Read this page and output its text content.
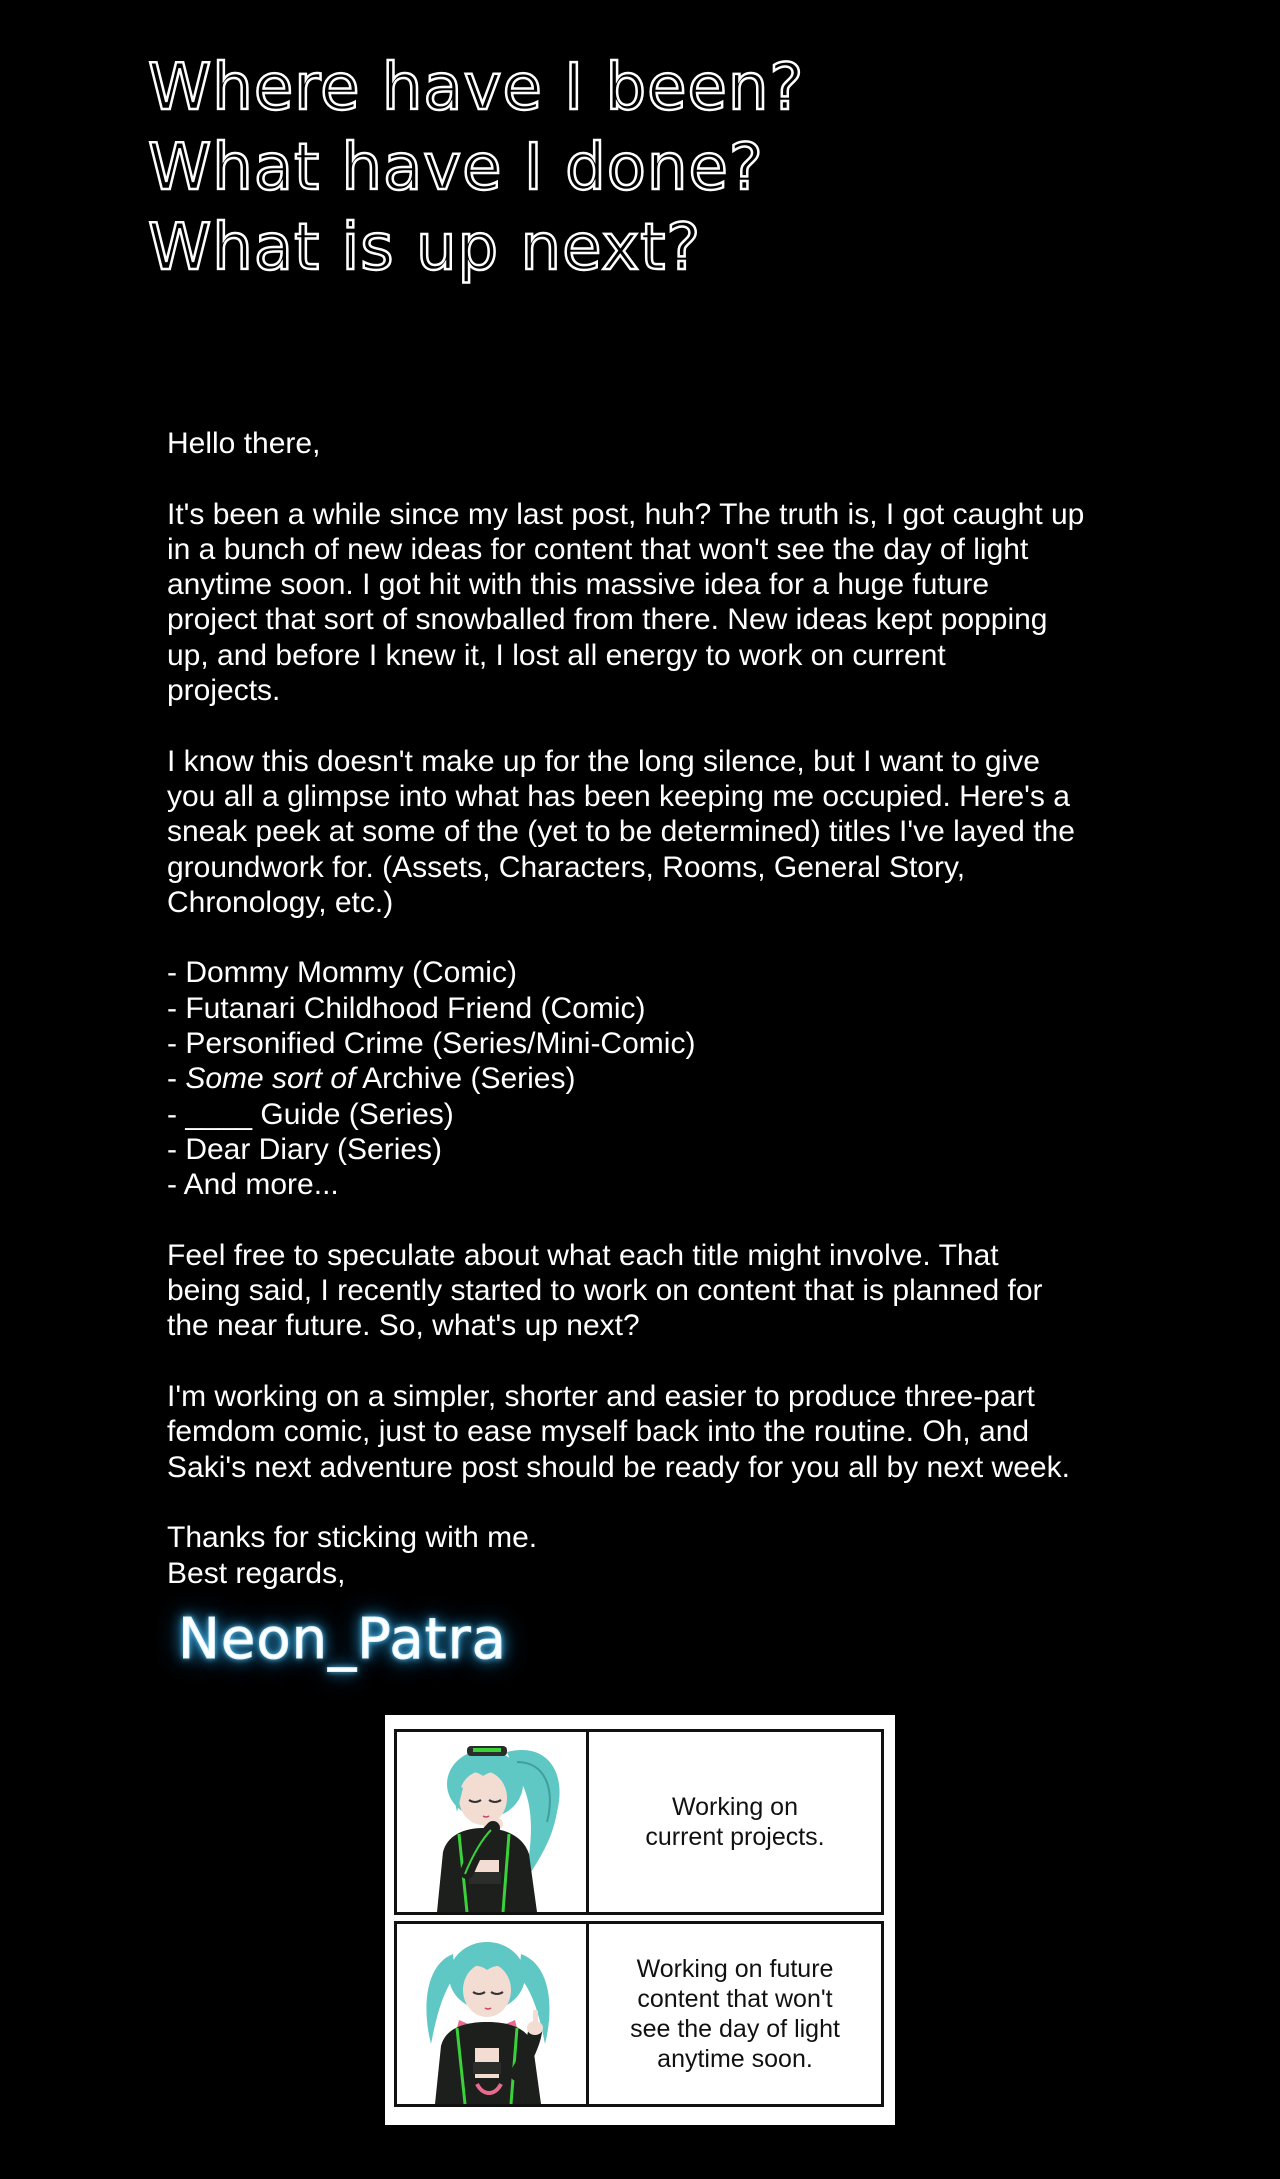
Where have I been?
What have I done?
What is up next?

Hello there,

It's been a while since my last post, huh? The truth is, I got caught up
in a bunch of new ideas for content that won't see the day of light
anytime soon. I got hit with this massive idea for a huge future
project that sort of snowballed from there. New ideas kept popping
up, and before I knew it, I lost all energy to work on current
projects.

I know this doesn't make up for the long silence, but I want to give
you all a glimpse into what has been keeping me occupied. Here's a
sneak peek at some of the (yet to be determined) titles I've layed the
groundwork for. (Assets, Characters, Rooms, General Story,
Chronology, etc.)

- Dommy Mommy (Comic)
- Futanari Childhood Friend (Comic)
- Personified Crime (Series/Mini-Comic)
- Some sort of Archive (Series)
- ____ Guide (Series)
- Dear Diary (Series)
- And more...

Feel free to speculate about what each title might involve. That
being said, I recently started to work on content that is planned for
the near future. So, what's up next?

I'm working on a simpler, shorter and easier to produce three-part
femdom comic, just to ease myself back into the routine. Oh, and
Saki's next adventure post should be ready for you all by next week.

Thanks for sticking with me.
Best regards,

Neon_Patra
Working on
current projects.
Working on future
content that won't
see the day of light
anytime soon.
